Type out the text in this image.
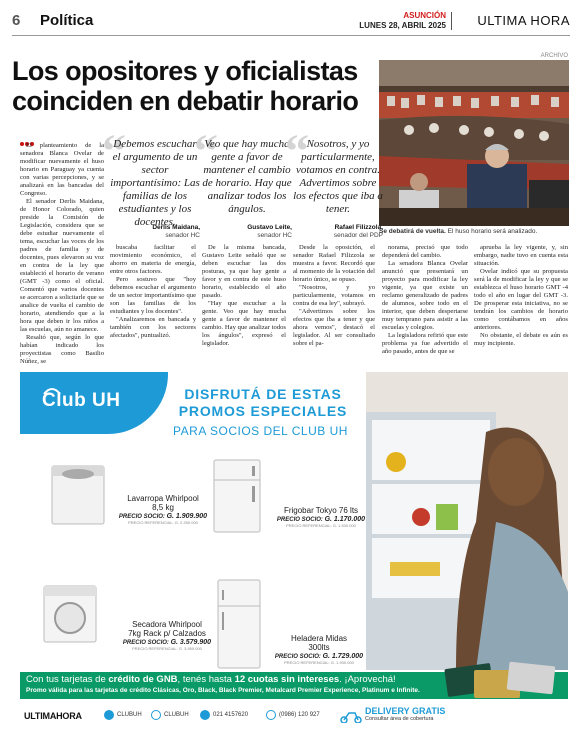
6 Política	ASUNCIÓN
LUNES 28, ABRIL 2025 ULTIMA HORA
ARCHIVO
Los opositores y oficialistas coinciden en debatir horario
Se debatirá de vuelta. El huso horario será analizado.

El planteamiento de la senadora Blanca Ovelar de modificar nuevamente el huso horario en Paraguay ya cuenta con varias percepciones, y se analizará en las bancadas del Congreso.

El senador Derlis Maidana, de Honor Colorado, quien preside la Comisión de Legislación, considera que se debe estudiar nuevamente el tema, escuchar las voces de los padres de familia y de docentes, pues elevaron su voz en contra de la ley que estableció el horario de verano (GMT -3) como el oficial. Comentó que varios docentes se acercaron a solicitarle que se analice de vuelta el cambio de horario, atendiendo que a la hora que deben ir los niños a las escuelas, aún no amanece.

Resaltó que, según lo que habían indicado los proyectistas como Basilio Núñez, se

“
Debemos escuchar el argumento de un sector importantísimo: Las familias de los estudiantes y los docentes.
Derlis Maidana,
senador HC
“
Veo que hay mucha gente a favor de mantener el cambio de horario. Hay que analizar todos los ángulos.
Gustavo Leite,
senador HC
“
Nosotros, y yo particularmente, votamos en contra. Advertimos sobre los efectos que iba a tener.
Rafael Filizzola,
senador del PDP

buscaba facilitar el movimiento económico, el ahorro en materia de energía, entre otros factores.

Pero sostuvo que "hoy debemos escuchar el argumento de un sector importantísimo que son las familias de los estudiantes y los docentes".

"Analizaremos en bancada y también con los sectores afectados", puntualizó.

De la misma bancada, Gustavo Leite señaló que se deben escuchar las dos posturas, ya que hay gente a favor y en contra de este huso horario, establecido el año pasado.

"Hay que escuchar a la gente. Veo que hay mucha gente a favor de mantener el cambio. Hay que analizar todos los ángulos", expresó el legislador.

Desde la oposición, el senador Rafael Filizzola se muestra a favor. Recordó que al momento de la votación del horario único, se opuso.

"Nosotros, y yo particularmente, votamos en contra de esa ley", subrayó.

"Advertimos sobre los efectos que iba a tener y que ahora vemos", destacó el legislador. Al ser consultado sobre el pa-

norama, precisó que todo dependerá del cambio.

La senadora Blanca Ovelar anunció que presentará un proyecto para modificar la ley vigente, ya que existe un reclamo generalizado de padres de alumnos, sobre todo en el interior, que deben despertarse muy temprano para asistir a las escuelas y colegios.

La legisladora refirió que este problema ya fue advertido el año pasado, antes de que se

aprueba la ley vigente, y, sin embargo, nadie tuvo en cuenta esta situación.

Ovelar indicó que su propuesta será la de modificar la ley y que se establezca el huso horario GMT -4 todo el año en lugar del GMT -3. De prosperar esta iniciativa, no se tendrán los cambios de horario como contábamos en años anteriores.

No obstante, el debate es aún es muy incipiente.

Club UH	DISFRUTÁ DE ESTAS
PROMOS ESPECIALES
PARA SOCIOS DEL CLUB UH
Lavarropa Whirlpool
8,5 kg
PRECIO SOCIO: G. 1.909.900
PRECIO REFERENCIAL: G. 2.250.000
Frigobar Tokyo 76 lts
PRECIO SOCIO: G. 1.170.000
PRECIO REFERENCIAL: G. 1.530.000
Secadora Whirlpool
7kg Rack p/ Calzados
PRECIO SOCIO: G. 3.579.900
PRECIO REFERENCIAL: G. 3.950.000
Heladera Midas
300lts
PRECIO SOCIO: G. 1.729.000
PRECIO REFERENCIAL: G. 1.930.000
Con tus tarjetas de crédito de GNB, tenés hasta 12 cuotas sin intereses. ¡Aprovechá!
Promo válida para las tarjetas de crédito Clásicas, Oro, Black, Black Premier, Metalcard Premier Experience, Platinum e Infinite.
ULTIMAHORA	CLUBUH	CLUBUH	021 4157620	(0986) 120 927	DELIVERY GRATIS
Consultar área de cobertura
